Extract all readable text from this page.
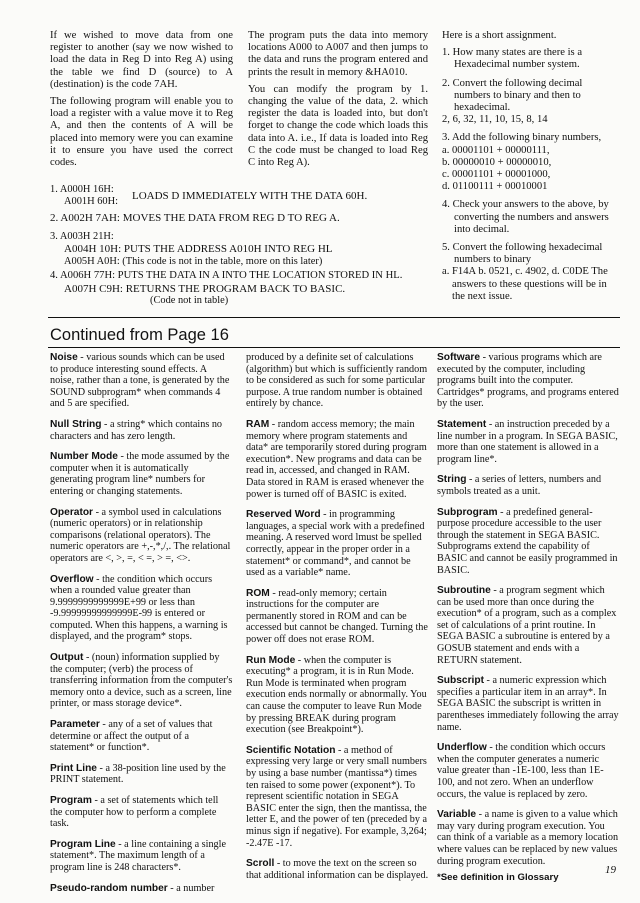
If we wished to move data from one register to another (say we now wished to load the data in Reg D into Reg A) using the table we find D (source) to A (destination) is the code 7AH.

The following program will enable you to load a register with a value move it to Reg A, and then the contents of A will be placed into memory were you can examine it to ensure you have used the correct codes.

The program puts the data into memory locations A000 to A007 and then jumps to the data and runs the program entered and prints the result in memory &HA010.

You can modify the program by 1. changing the value of the data, 2. which register the data is loaded into, but don't forget to change the code which loads this data into A. i.e., If data is loaded into Reg C the code must be changed to load Reg C into Reg A).

Here is a short assignment.

1. How many states are there is a Hexadecimal number system.
2. Convert the following decimal numbers to binary and then to hexadecimal.
2, 6, 32, 11, 10, 15, 8, 14
3. Add the following binary numbers,
a. 00001101 + 00000111,
b. 00000010 + 00000010,
c. 00001101 + 00001000,
d. 01100111 + 00010001
4. Check your answers to the above, by converting the numbers and answers into decimal.
5. Convert the following hexadecimal numbers to binary
a. F14A b. 0521, c. 4902, d. C0DE The answers to these questions will be in the next issue.
1. A000H 16H:
A001H 60H:	LOADS D IMMEDIATELY WITH THE DATA 60H.
2. A002H 7AH: MOVES THE DATA FROM REG D TO REG A.
3. A003H 21H:
A004H 10H: PUTS THE ADDRESS A010H INTO REG HL
A005H A0H: (This code is not in the table, more on this later)
4. A006H 77H: PUTS THE DATA IN A INTO THE LOCATION STORED IN HL.
A007H C9H: RETURNS THE PROGRAM BACK TO BASIC.
(Code not in table)
Continued from Page 16

Noise - various sounds which can be used to produce interesting sound effects. A noise, rather than a tone, is generated by the SOUND subprogram* when commands 4 and 5 are specified.

Null String - a string* which contains no characters and has zero length.

Number Mode - the mode assumed by the computer when it is automatically generating program line* numbers for entering or changing statements.

Operator - a symbol used in calculations (numeric operators) or in relationship comparisons (relational operators). The numeric operators are +,-,*,/,. The relational operators are <, >, =, < =, > =, <>.

Overflow - the condition which occurs when a rounded value greater than 9.9999999999999E+99 or less than -9.99999999999999E-99 is entered or computed. When this happens, a warning is displayed, and the program* stops.

Output - (noun) information supplied by the computer; (verb) the process of transferring information from the computer's memory onto a device, such as a screen, line printer, or mass storage device*.

Parameter - any of a set of values that determine or affect the output of a statement* or function*.

Print Line - a 38-position line used by the PRINT statement.

Program - a set of statements which tell the computer how to perform a complete task.

Program Line - a line containing a single statement*. The maximum length of a program line is 248 characters*.

Pseudo-random number - a number

produced by a definite set of calculations (algorithm) but which is sufficiently random to be considered as such for some particular purpose. A true random number is obtained entirely by chance.

RAM - random access memory; the main memory where program statements and data* are temporarily stored during program execution*. New programs and data can be read in, accessed, and changed in RAM. Data stored in RAM is erased whenever the power is turned off of BASIC is exited.

Reserved Word - in programming languages, a special work with a predefined meaning. A reserved word lmust be spelled correctly, appear in the proper order in a statement* or command*, and cannot be used as a variable* name.

ROM - read-only memory; certain instructions for the computer are permanently stored in ROM and can be accessed but cannot be changed. Turning the power off does not erase ROM.

Run Mode - when the computer is executing* a program, it is in Run Mode. Run Mode is terminated when program execution ends normally or abnormally. You can cause the computer to leave Run Mode by pressing BREAK during program execution (see Breakpoint*).

Scientific Notation - a method of expressing very large or very small numbers by using a base number (mantissa*) times ten raised to some power (exponent*). To represent scientific notation in SEGA BASIC enter the sign, then the mantissa, the letter E, and the power of ten (preceded by a minus sign if negative). For example, 3,264; -2.47E -17.

Scroll - to move the text on the screen so that additional information can be displayed.

Software - various programs which are executed by the computer, including programs built into the computer. Cartridges* programs, and programs entered by the user.

Statement - an instruction preceded by a line number in a program. In SEGA BASIC, more than one statement is allowed in a program line*.

String - a series of letters, numbers and symbols treated as a unit.

Subprogram - a predefined general-purpose procedure accessible to the user through the statement in SEGA BASIC. Subprograms extend the capability of BASIC and cannot be easily programmed in BASIC.

Subroutine - a program segment which can be used more than once during the execution* of a program, such as a complex set of calculations of a print routine. In SEGA BASIC a subroutine is entered by a GOSUB statement and ends with a RETURN statement.

Subscript - a numeric expression which specifies a particular item in an array*. In SEGA BASIC the subscript is written in parentheses immediately following the array name.

Underflow - the condition which occurs when the computer generates a numeric value greater than -1E-100, less than 1E-100, and not zero. When an underflow occurs, the value is replaced by zero.

Variable - a name is given to a value which may vary during program execution. You can think of a variable as a memory location where values can be replaced by new values during program execution.

*See definition in Glossary

19
